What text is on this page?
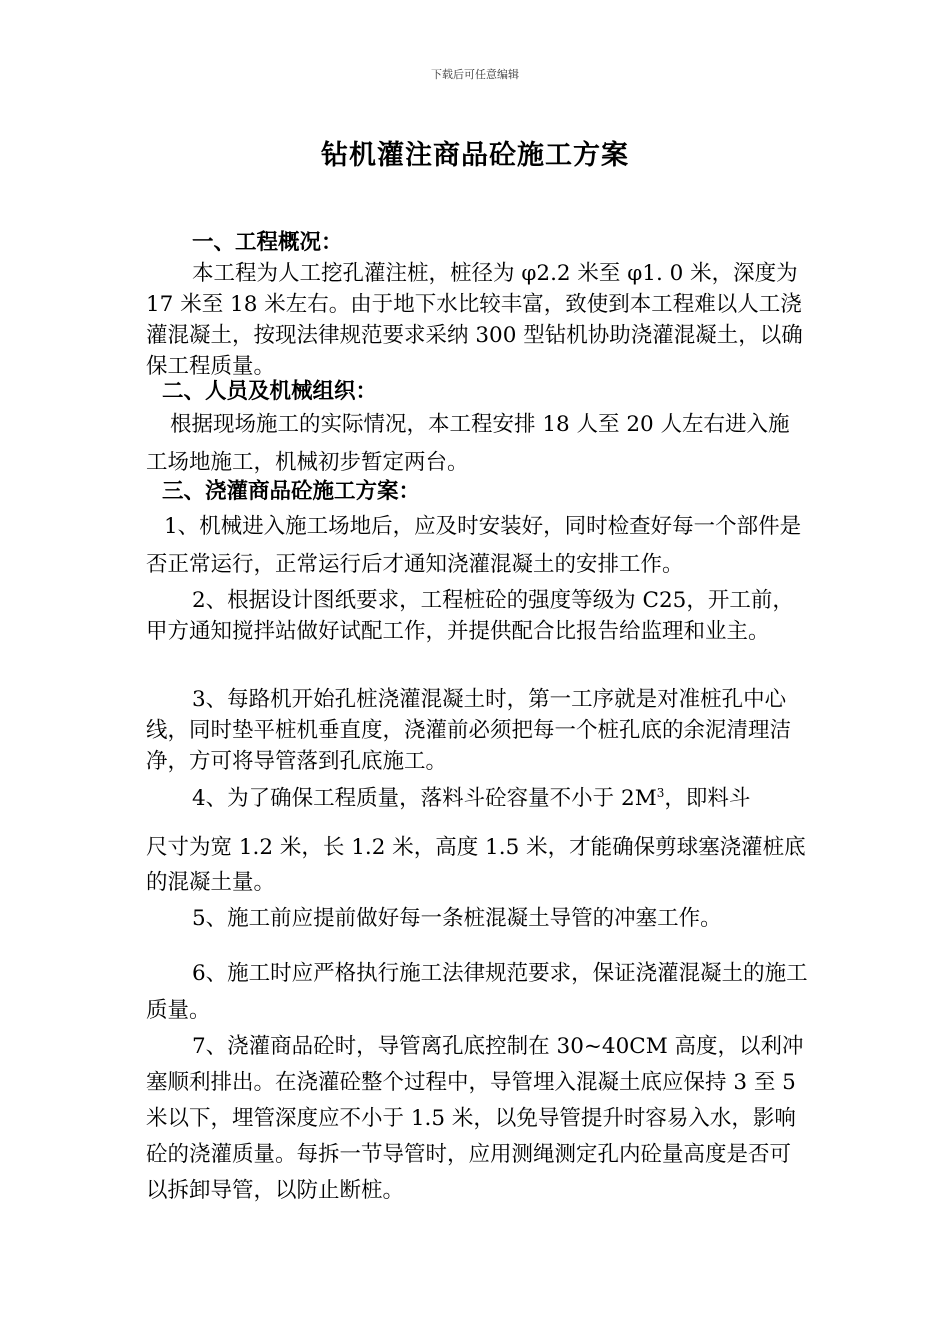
下载后可任意编辑
钻机灌注商品砼施工方案
一、工程概况：

本工程为人工挖孔灌注桩，桩径为 φ2.2 米至 φ1. 0 米，深度为 17 米至 18 米左右。由于地下水比较丰富，致使到本工程难以人工浇灌混凝土，按现法律规范要求采纳 300 型钻机协助浇灌混凝土，以确保工程质量。

二、人员及机械组织：

根据现场施工的实际情况，本工程安排 18 人至 20 人左右进入施工场地施工，机械初步暂定两台。

三、浇灌商品砼施工方案：

1、机械进入施工场地后，应及时安装好，同时检查好每一个部件是否正常运行，正常运行后才通知浇灌混凝土的安排工作。

2、根据设计图纸要求，工程桩砼的强度等级为 C25，开工前，甲方通知搅拌站做好试配工作，并提供配合比报告给监理和业主。

3、每路机开始孔桩浇灌混凝土时，第一工序就是对准桩孔中心线，同时垫平桩机垂直度，浇灌前必须把每一个桩孔底的余泥清理洁净，方可将导管落到孔底施工。

4、为了确保工程质量，落料斗砼容量不小于 $2M^3$，即料斗

尺寸为宽 1.2 米，长 1.2 米，高度 1.5 米，才能确保剪球塞浇灌桩底的混凝土量。

5、施工前应提前做好每一条桩混凝土导管的冲塞工作。

6、施工时应严格执行施工法律规范要求，保证浇灌混凝土的施工质量。

7、浇灌商品砼时，导管离孔底控制在 30~40CM 高度，以利冲塞顺利排出。在浇灌砼整个过程中，导管埋入混凝土底应保持 3 至 5 米以下，埋管深度应不小于 1.5 米，以免导管提升时容易入水，影响砼的浇灌质量。每拆一节导管时，应用测绳测定孔内砼量高度是否可以拆卸导管，以防止断桩。
